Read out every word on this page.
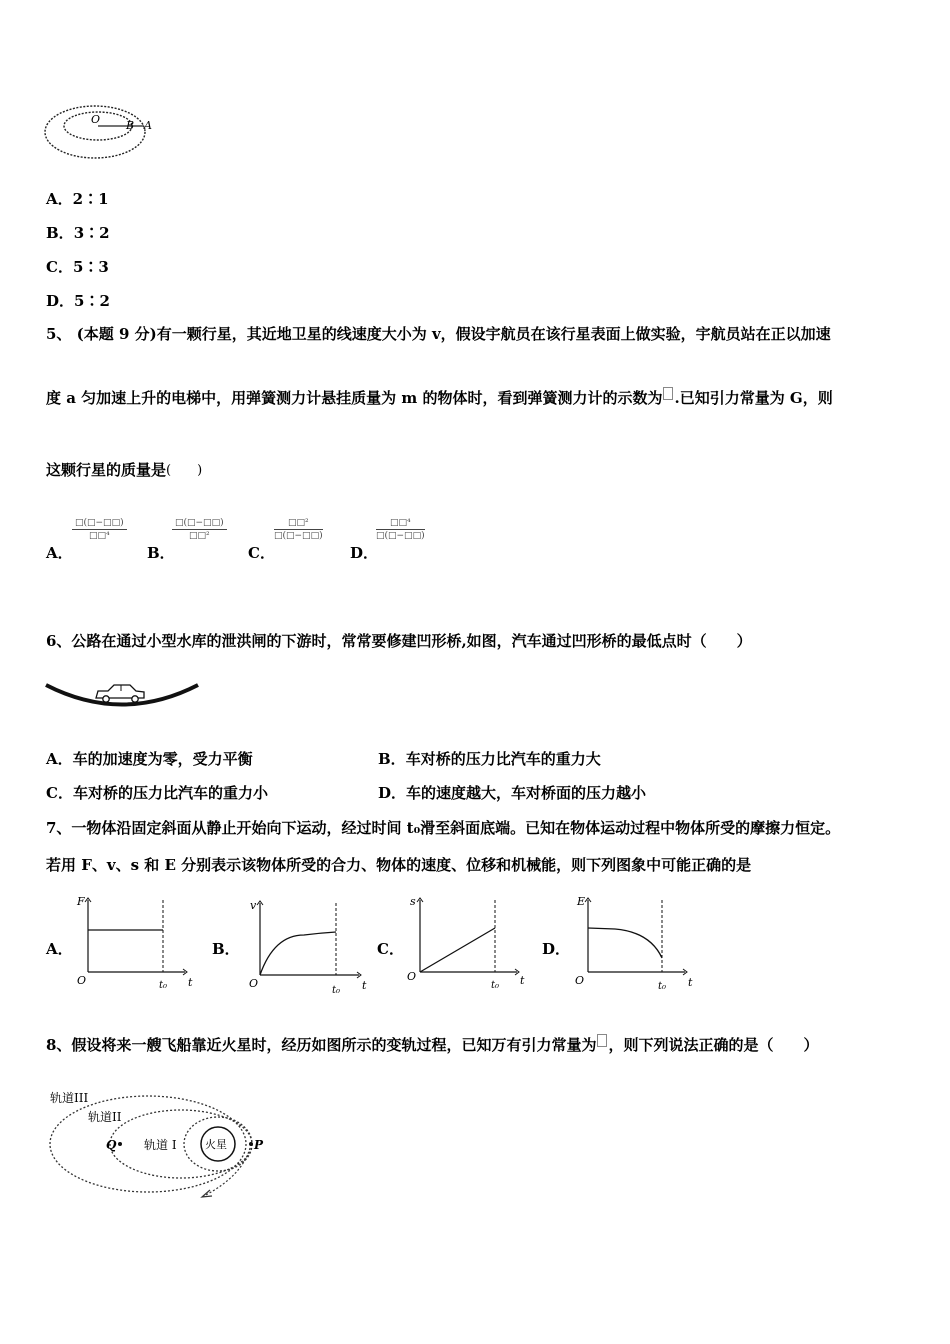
O B A
A．2∶1
B．3∶2
C．5∶3
D．5∶2
5、 (本题 9 分)有一颗行星，其近地卫星的线速度大小为 v，假设宇航员在该行星表面上做实验，宇航员站在正以加速
度 a 匀加速上升的电梯中，用弹簧测力计悬挂质量为 m 的物体时，看到弹簧测力计的示数为 .已知引力常量为 G，则
这颗行星的质量是(　　)
A．
□(□−□□)
□□⁴
B．
□(□−□□)
□□²
C．
□□²
□(□−□□)
D．
□□⁴
□(□−□□)
6、公路在通过小型水库的泄洪闸的下游时，常常要修建凹形桥,如图，汽车通过凹形桥的最低点时（　　）
A．车的加速度为零，受力平衡	B．车对桥的压力比汽车的重力大
C．车对桥的压力比汽车的重力小	D．车的速度越大，车对桥面的压力越小
7、一物体沿固定斜面从静止开始向下运动，经过时间 t₀滑至斜面底端。已知在物体运动过程中物体所受的摩擦力恒定。
若用 F、v、s 和 E 分别表示该物体所受的合力、物体的速度、位移和机械能，则下列图象中可能正确的是
A．
F
O	t₀ t
B．
v
O
t₀ t
C．
s
O
t₀ t
D．
E
O	t₀ t
8、假设将来一艘飞船靠近火星时，经历如图所示的变轨过程，已知万有引力常量为 ，则下列说法正确的是（　　）
轨道III
轨道II
轨道 I	火星
Q	P
